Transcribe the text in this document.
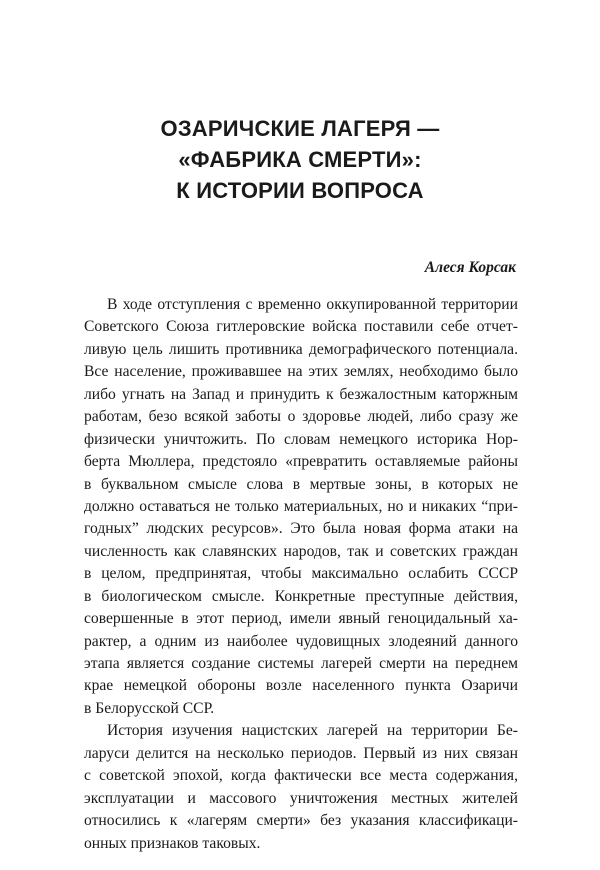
ОЗАРИЧСКИЕ ЛАГЕРЯ —
«ФАБРИКА СМЕРТИ»:
К ИСТОРИИ ВОПРОСА
Алеся Корсак
В ходе отступления с временно оккупированной территории
Советского Союза гитлеровские войска поставили себе отчет-
ливую цель лишить противника демографического потенциала.
Все население, проживавшее на этих землях, необходимо было
либо угнать на Запад и принудить к безжалостным каторжным
работам, безо всякой заботы о здоровье людей, либо сразу же
физически уничтожить. По словам немецкого историка Нор-
берта Мюллера, предстояло «превратить оставляемые районы
в буквальном смысле слова в мертвые зоны, в которых не
должно оставаться не только материальных, но и никаких “при-
годных” людских ресурсов». Это была новая форма атаки на
численность как славянских народов, так и советских граждан
в целом, предпринятая, чтобы максимально ослабить СССР
в биологическом смысле. Конкретные преступные действия,
совершенные в этот период, имели явный геноцидальный ха-
рактер, а одним из наиболее чудовищных злодеяний данного
этапа является создание системы лагерей смерти на переднем
крае немецкой обороны возле населенного пункта Озаричи
в Белорусской ССР.
История изучения нацистских лагерей на территории Бе-
ларуси делится на несколько периодов. Первый из них связан
с советской эпохой, когда фактически все места содержания,
эксплуатации и массового уничтожения местных жителей
относились к «лагерям смерти» без указания классификаци-
онных признаков таковых.
